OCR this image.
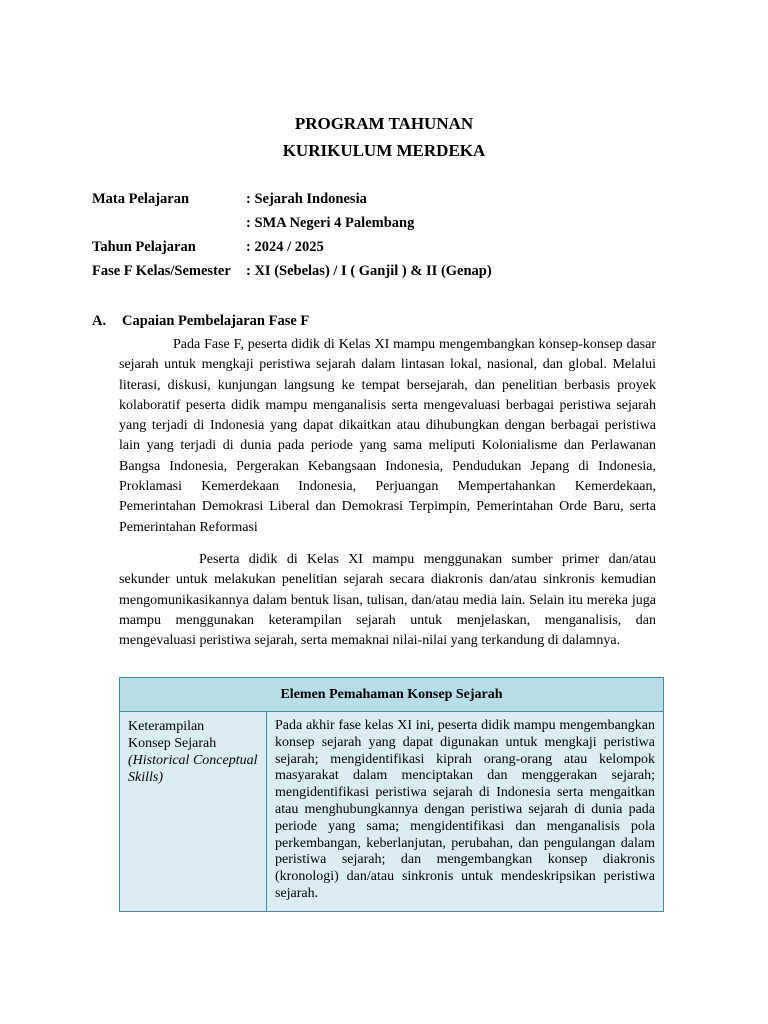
PROGRAM TAHUNAN
KURIKULUM MERDEKA
Mata Pelajaran	: Sejarah Indonesia
: SMA Negeri 4 Palembang
Tahun Pelajaran	: 2024 / 2025
Fase F Kelas/Semester : XI (Sebelas) / I ( Ganjil ) & II (Genap)
A. Capaian Pembelajaran Fase F
Pada Fase F, peserta didik di Kelas XI mampu mengembangkan konsep-konsep dasar sejarah untuk mengkaji peristiwa sejarah dalam lintasan lokal, nasional, dan global. Melalui literasi, diskusi, kunjungan langsung ke tempat bersejarah, dan penelitian berbasis proyek kolaboratif peserta didik mampu menganalisis serta mengevaluasi berbagai peristiwa sejarah yang terjadi di Indonesia yang dapat dikaitkan atau dihubungkan dengan berbagai peristiwa lain yang terjadi di dunia pada periode yang sama meliputi Kolonialisme dan Perlawanan Bangsa Indonesia, Pergerakan Kebangsaan Indonesia, Pendudukan Jepang di Indonesia, Proklamasi Kemerdekaan Indonesia, Perjuangan Mempertahankan Kemerdekaan, Pemerintahan Demokrasi Liberal dan Demokrasi Terpimpin, Pemerintahan Orde Baru, serta Pemerintahan Reformasi
Peserta didik di Kelas XI mampu menggunakan sumber primer dan/atau sekunder untuk melakukan penelitian sejarah secara diakronis dan/atau sinkronis kemudian mengomunikasikannya dalam bentuk lisan, tulisan, dan/atau media lain. Selain itu mereka juga mampu menggunakan keterampilan sejarah untuk menjelaskan, menganalisis, dan mengevaluasi peristiwa sejarah, serta memaknai nilai-nilai yang terkandung di dalamnya.
Elemen Pemahaman Konsep Sejarah
Keterampilan
Konsep Sejarah
(Historical Conceptual Skills)
Pada akhir fase kelas XI ini, peserta didik mampu mengembangkan konsep sejarah yang dapat digunakan untuk mengkaji peristiwa sejarah; mengidentifikasi kiprah orang-orang atau kelompok masyarakat dalam menciptakan dan menggerakan sejarah; mengidentifikasi peristiwa sejarah di Indonesia serta mengaitkan atau menghubungkannya dengan peristiwa sejarah di dunia pada periode yang sama; mengidentifikasi dan menganalisis pola perkembangan, keberlanjutan, perubahan, dan pengulangan dalam peristiwa sejarah; dan mengembangkan konsep diakronis (kronologi) dan/atau sinkronis untuk mendeskripsikan peristiwa sejarah.
